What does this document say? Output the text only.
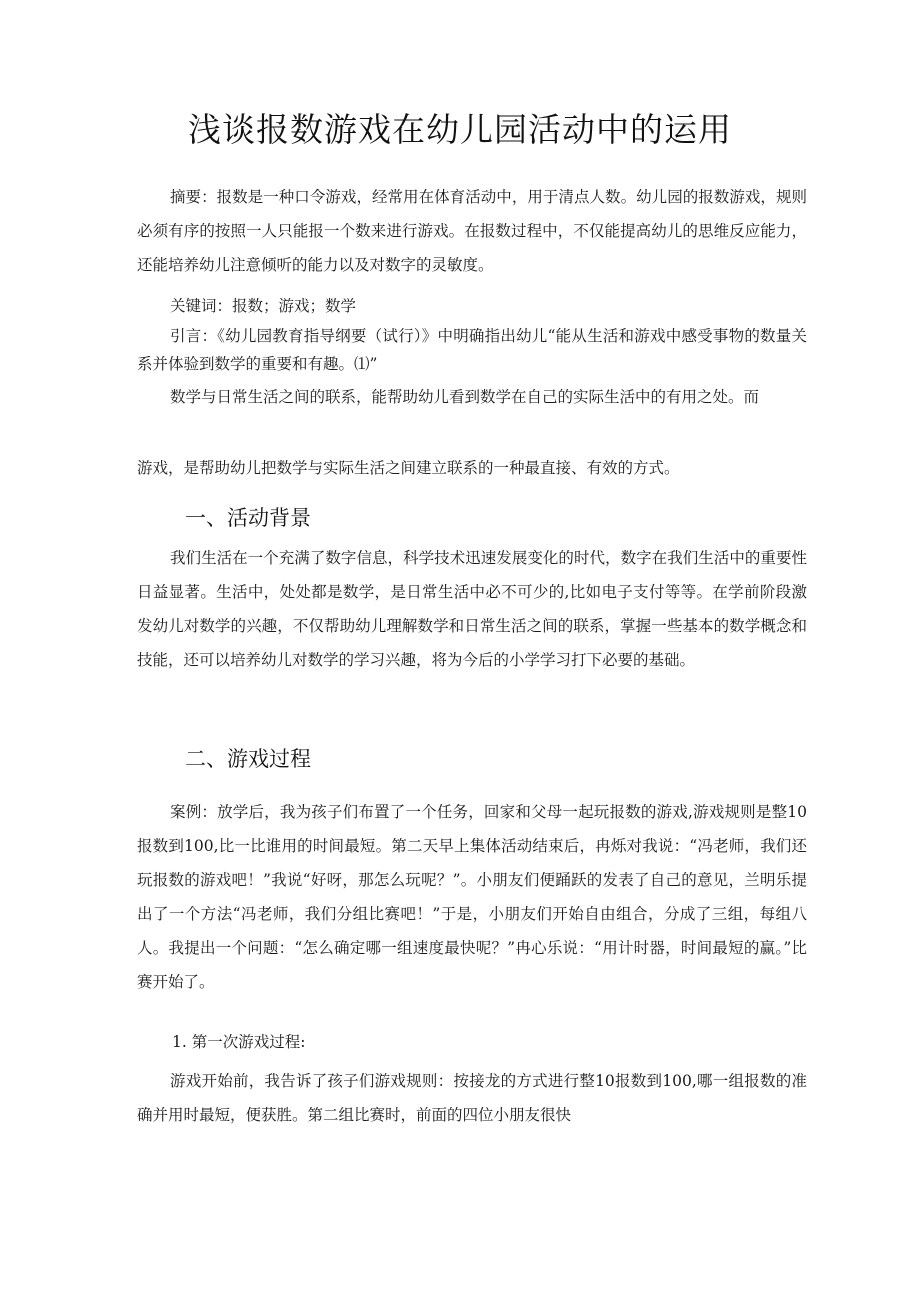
浅谈报数游戏在幼儿园活动中的运用

摘要：报数是一种口令游戏，经常用在体育活动中，用于清点人数。幼儿园的报数游戏，规则必须有序的按照一人只能报一个数来进行游戏。在报数过程中，不仅能提高幼儿的思维反应能力，还能培养幼儿注意倾听的能力以及对数字的灵敏度。

关键词：报数；游戏；数学

引言：《幼儿园教育指导纲要（试行）》中明确指出幼儿“能从生活和游戏中感受事物的数量关系并体验到数学的重要和有趣。⑴”

数学与日常生活之间的联系，能帮助幼儿看到数学在自己的实际生活中的有用之处。而

游戏，是帮助幼儿把数学与实际生活之间建立联系的一种最直接、有效的方式。

一、活动背景

我们生活在一个充满了数字信息，科学技术迅速发展变化的时代，数字在我们生活中的重要性日益显著。生活中，处处都是数学，是日常生活中必不可少的,比如电子支付等等。在学前阶段激发幼儿对数学的兴趣，不仅帮助幼儿理解数学和日常生活之间的联系，掌握一些基本的数学概念和技能，还可以培养幼儿对数学的学习兴趣，将为今后的小学学习打下必要的基础。

二、游戏过程

案例：放学后，我为孩子们布置了一个任务，回家和父母一起玩报数的游戏,游戏规则是整10报数到100,比一比谁用的时间最短。第二天早上集体活动结束后，冉烁对我说：“冯老师，我们还玩报数的游戏吧！”我说“好呀，那怎么玩呢？”。小朋友们便踊跃的发表了自己的意见，兰明乐提出了一个方法“冯老师，我们分组比赛吧！”于是，小朋友们开始自由组合，分成了三组，每组八人。我提出一个问题：“怎么确定哪一组速度最快呢？”冉心乐说：“用计时器，时间最短的赢。”比赛开始了。

1. 第一次游戏过程:

游戏开始前，我告诉了孩子们游戏规则：按接龙的方式进行整10报数到100,哪一组报数的准确并用时最短，便获胜。第二组比赛时，前面的四位小朋友很快
